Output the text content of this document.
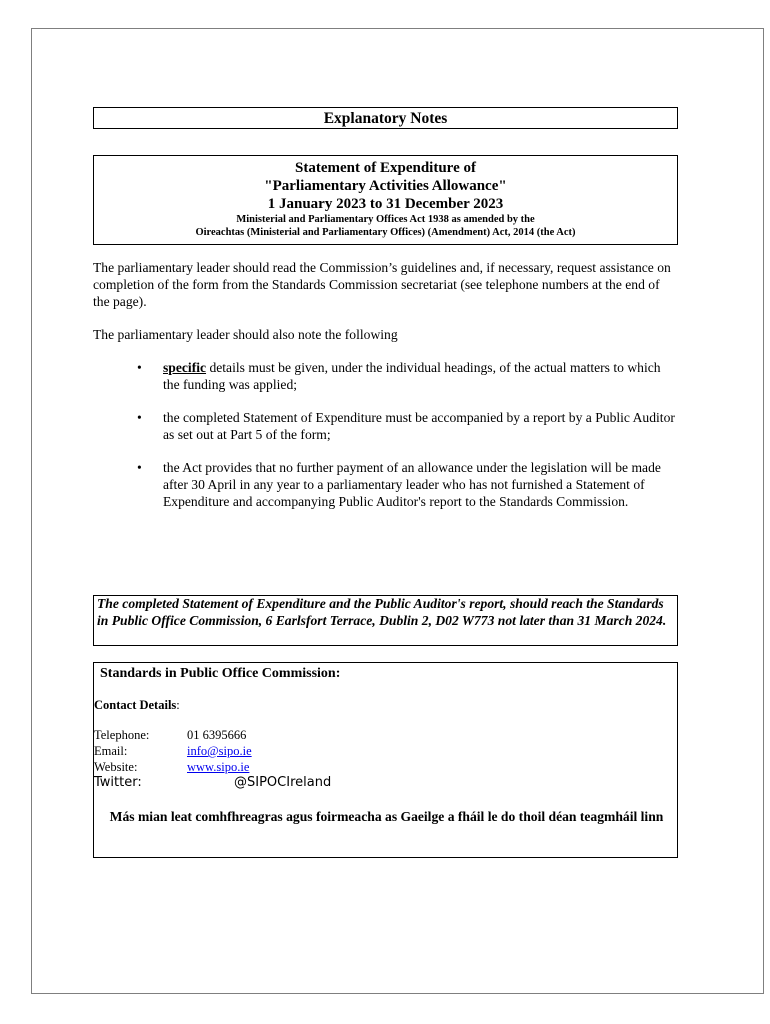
Explanatory Notes
Statement of Expenditure of
"Parliamentary Activities Allowance"
1 January 2023 to 31 December 2023
Ministerial and Parliamentary Offices Act 1938 as amended by the
Oireachtas (Ministerial and Parliamentary Offices) (Amendment) Act, 2014 (the Act)
The parliamentary leader should read the Commission’s guidelines and, if necessary, request assistance on completion of the form from the Standards Commission secretariat (see telephone numbers at the end of the page).
The parliamentary leader should also note the following
• specific details must be given, under the individual headings, of the actual matters to which the funding was applied;
• the completed Statement of Expenditure must be accompanied by a report by a Public Auditor as set out at Part 5 of the form;
• the Act provides that no further payment of an allowance under the legislation will be made after 30 April in any year to a parliamentary leader who has not furnished a Statement of Expenditure and accompanying Public Auditor's report to the Standards Commission.
The completed Statement of Expenditure and the Public Auditor's report, should reach the Standards in Public Office Commission, 6 Earlsfort Terrace, Dublin 2, D02 W773 not later than 31 March 2024.
Standards in Public Office Commission:
Contact Details:
Telephone:	01 6395666
Email:	info@sipo.ie
Website:	www.sipo.ie
Twitter:	@SIPOCIreland
Más mian leat comhfhreagras agus foirmeacha as Gaeilge a fháil le do thoil déan teagmháil linn
